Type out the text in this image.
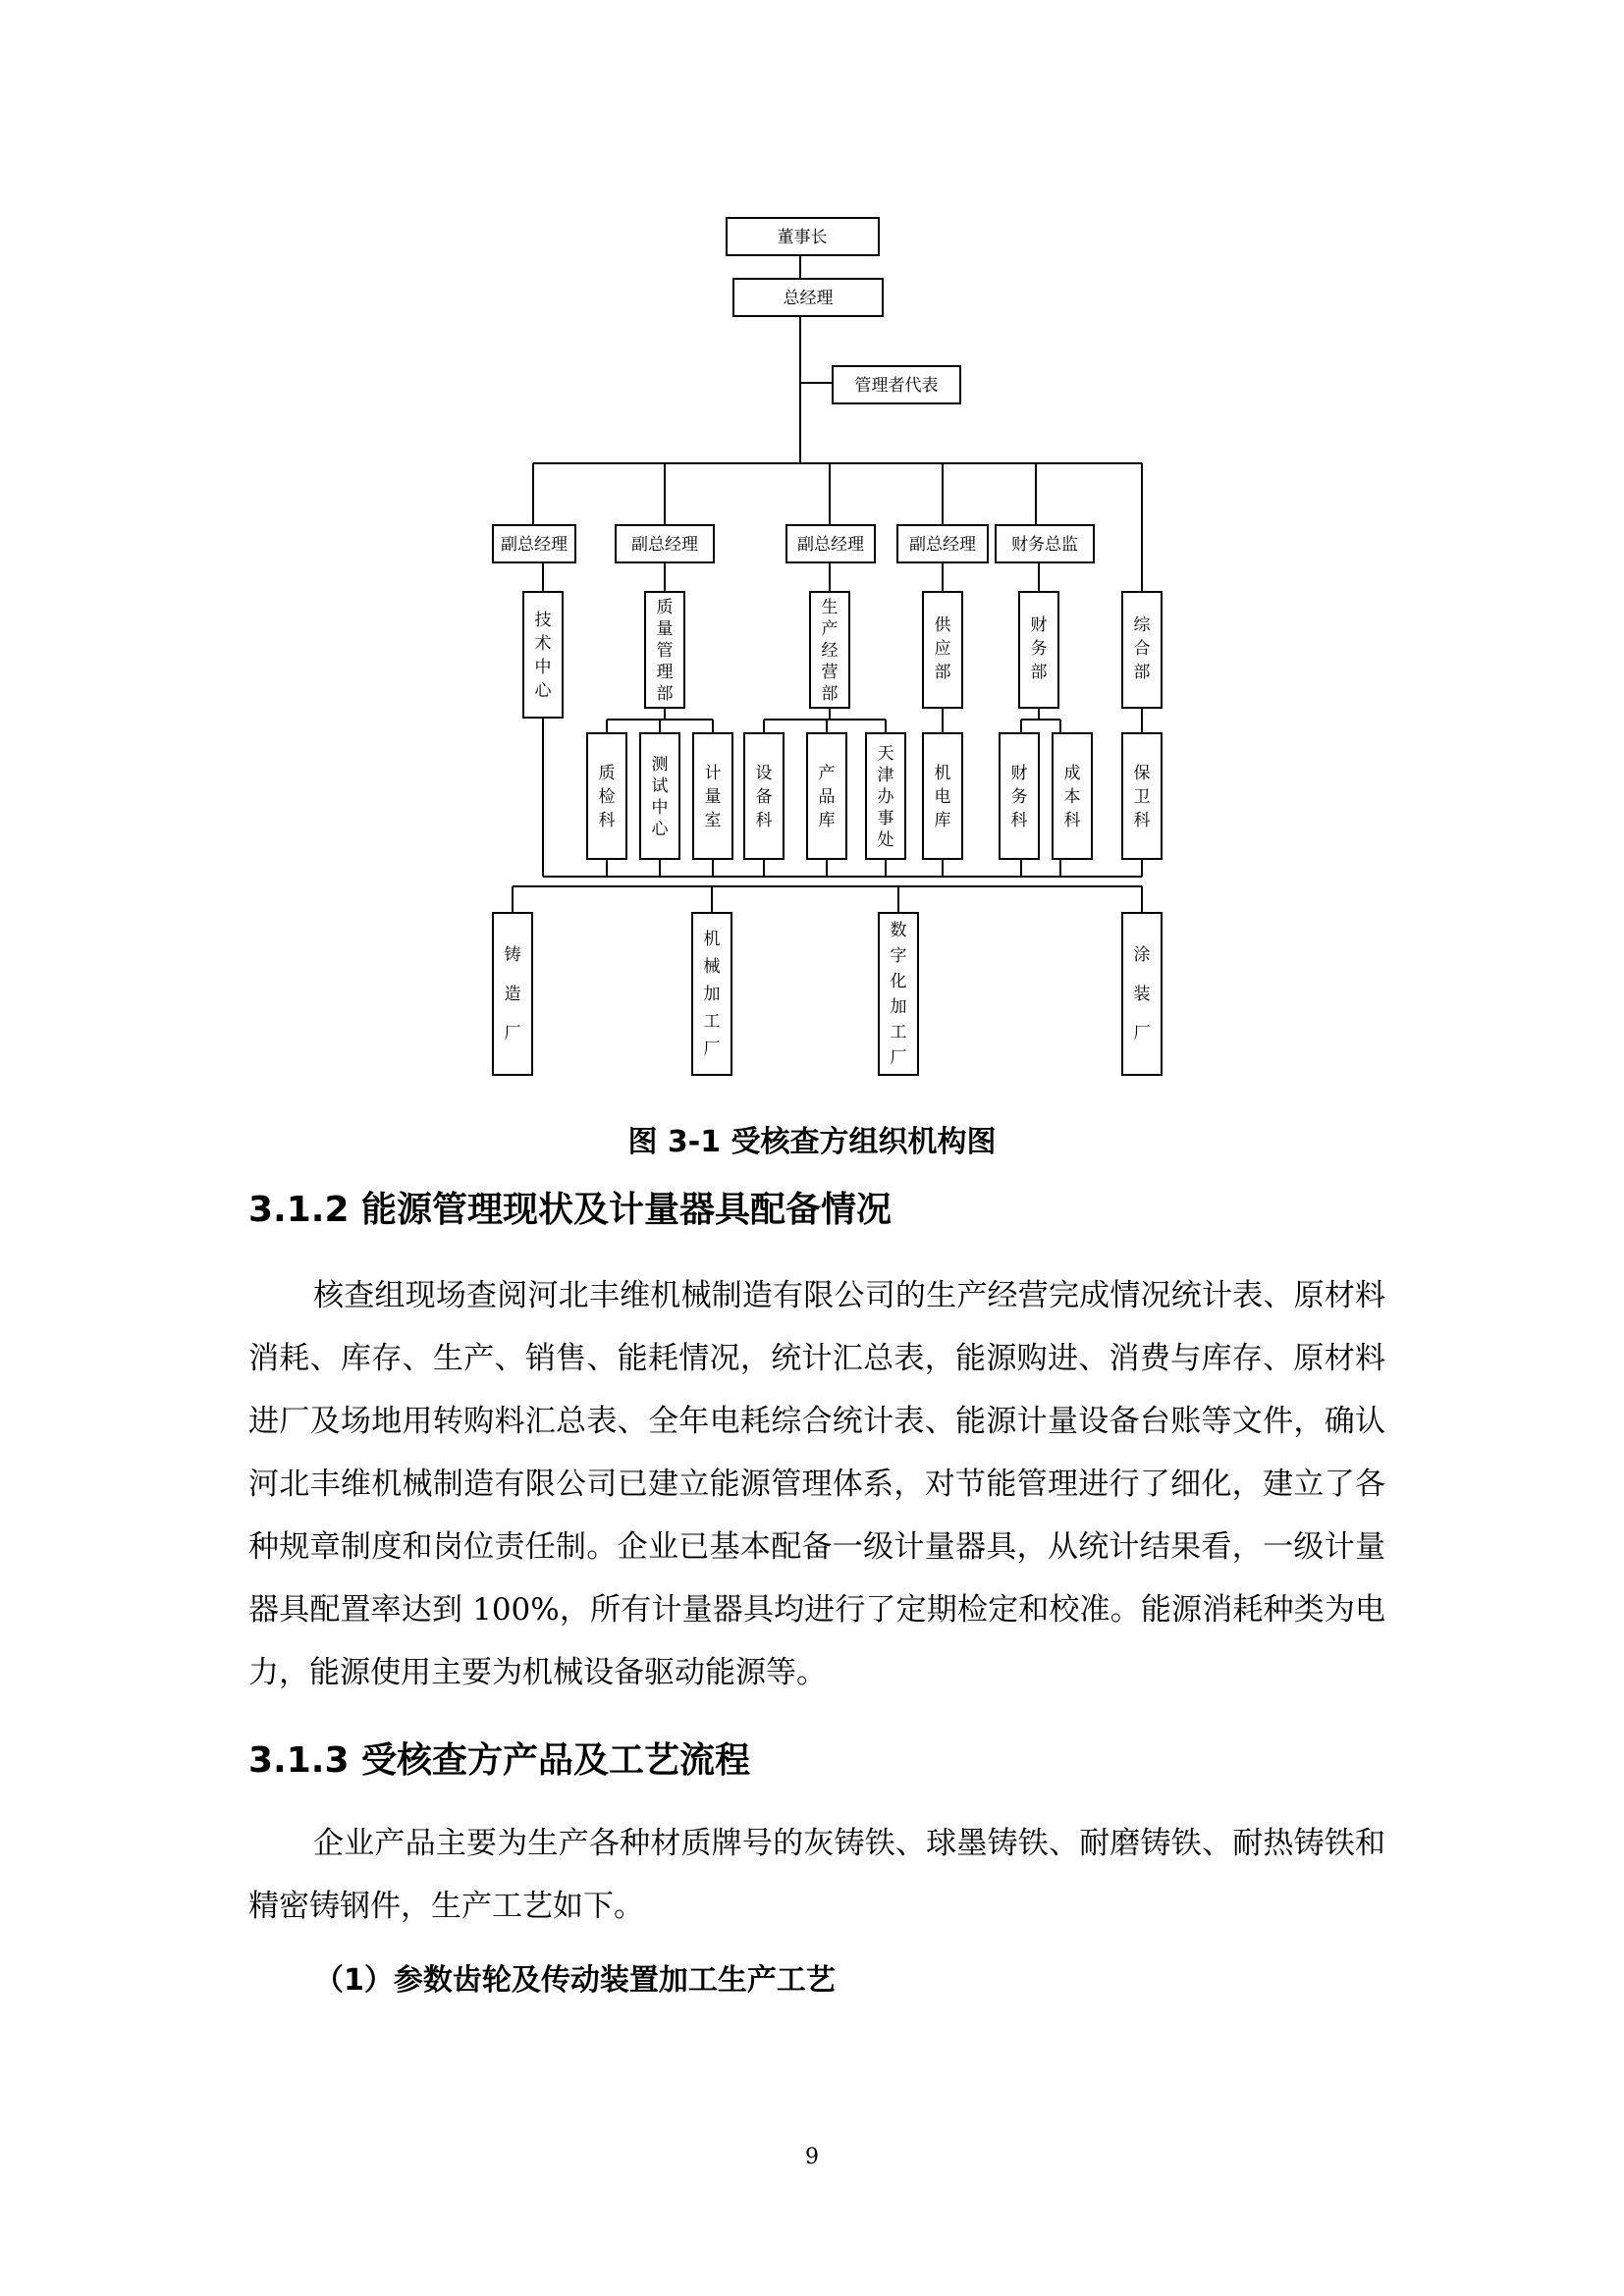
董事长
总经理
管理者代表
副总经理	副总经理	副总经理	副总经理 财务总监
技术中心
质量管理部
生产经营部
供应部
财务部
综合部
质检科
测试中心
计量室
设备科
产品库
天津办事处
机电库
财务科
成本科
保卫科
铸造厂
机械加工厂
数字化加工厂
涂装厂
图 3-1 受核查方组织机构图
3.1.2 能源管理现状及计量器具配备情况

核查组现场查阅河北丰维机械制造有限公司的生产经营完成情况统计表、原材料消耗、库存、生产、销售、能耗情况，统计汇总表，能源购进、消费与库存、原材料进厂及场地用转购料汇总表、全年电耗综合统计表、能源计量设备台账等文件，确认河北丰维机械制造有限公司已建立能源管理体系，对节能管理进行了细化，建立了各种规章制度和岗位责任制。企业已基本配备一级计量器具，从统计结果看，一级计量器具配置率达到 100%，所有计量器具均进行了定期检定和校准。能源消耗种类为电力，能源使用主要为机械设备驱动能源等。

3.1.3 受核查方产品及工艺流程

企业产品主要为生产各种材质牌号的灰铸铁、球墨铸铁、耐磨铸铁、耐热铸铁和精密铸钢件，生产工艺如下。

（1）参数齿轮及传动装置加工生产工艺
9
